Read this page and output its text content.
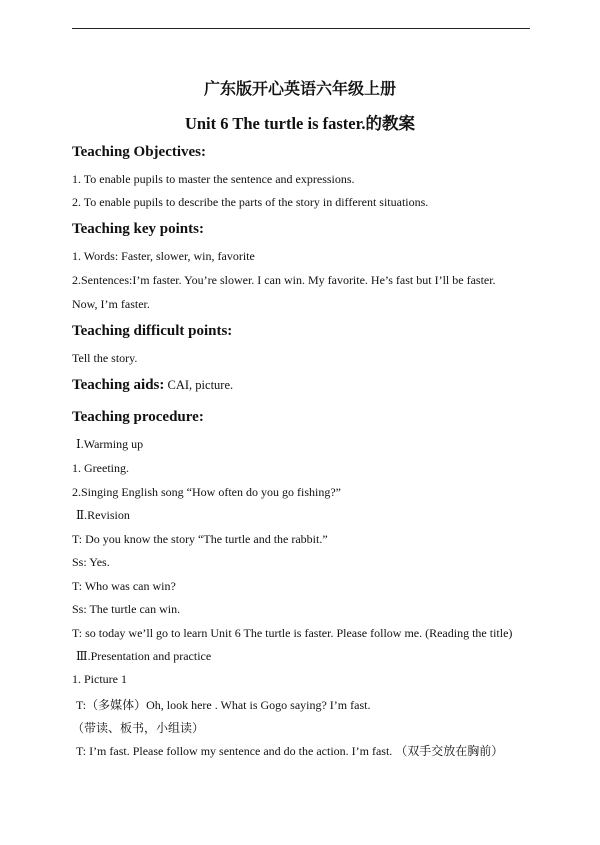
广东版开心英语六年级上册
Unit 6 The turtle is faster.的教案
Teaching Objectives:
1. To enable pupils to master the sentence and expressions.
2. To enable pupils to describe the parts of the story in different situations.
Teaching key points:
1. Words: Faster, slower, win, favorite
2.Sentences:I’m faster. You’re slower. I can win. My favorite. He’s fast but I’ll be faster.
Now, I’m faster.
Teaching difficult points:
Tell the story.
Teaching aids: CAI, picture.
Teaching procedure:
Ⅰ.Warming up
1. Greeting.
2.Singing English song “How often do you go fishing?”
Ⅱ.Revision
T: Do you know the story “The turtle and the rabbit.”
Ss: Yes.
T: Who was can win?
Ss: The turtle can win.
T: so today we’ll go to learn Unit 6 The turtle is faster. Please follow me. (Reading the title)
Ⅲ.Presentation and practice
1. Picture 1
T:（多媒体）Oh, look here . What is Gogo saying? I’m fast.
（带读、板书，小组读）
T: I’m fast. Please follow my sentence and do the action. I’m fast. （双手交放在胸前）
